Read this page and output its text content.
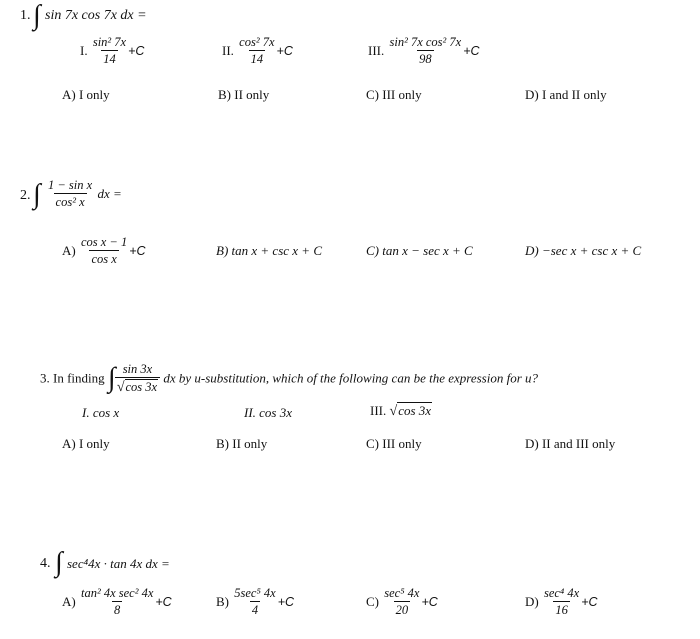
1. ∫ sin 7x cos 7x dx =
I. $\frac{\text{sin² 7x}}{14} +C$	II. $\frac{\text{cos² 7x}}{14} +C$	III. $\frac{\text{sin² 7x cos² 7x}}{98} +C$
A) I only	B) II only	C) III only	D) I and II only
2. ∫ $\frac{\text{1 − sin x}}{\text{cos² x}}$ dx =
$A) \frac{\text{cos x − 1}}{\text{cos x}} +C$	B) tan x + csc x + C	C) tan x − sec x + C	D) −sec x + csc x + C
3. In finding ∫ $\frac{\sin 3x}{√ \cos 3x}$ dx by u-substitution, which of the following can be the expression for u?
I. cos x	II. cos 3x	III. √ cos 3x
A) I only	B) II only	C) III only	D) II and III only
4. ∫ sec⁴4x · tan 4x dx =
$A) \frac{\text{tan² 4x sec² 4x}}{8} +C$	$B) \frac{\text{5sec⁵ 4x}}{4} +C$	$C) \frac{\text{sec⁵ 4x}}{20} +C$	$D) \frac{\text{sec⁴ 4x}}{16} +C$
